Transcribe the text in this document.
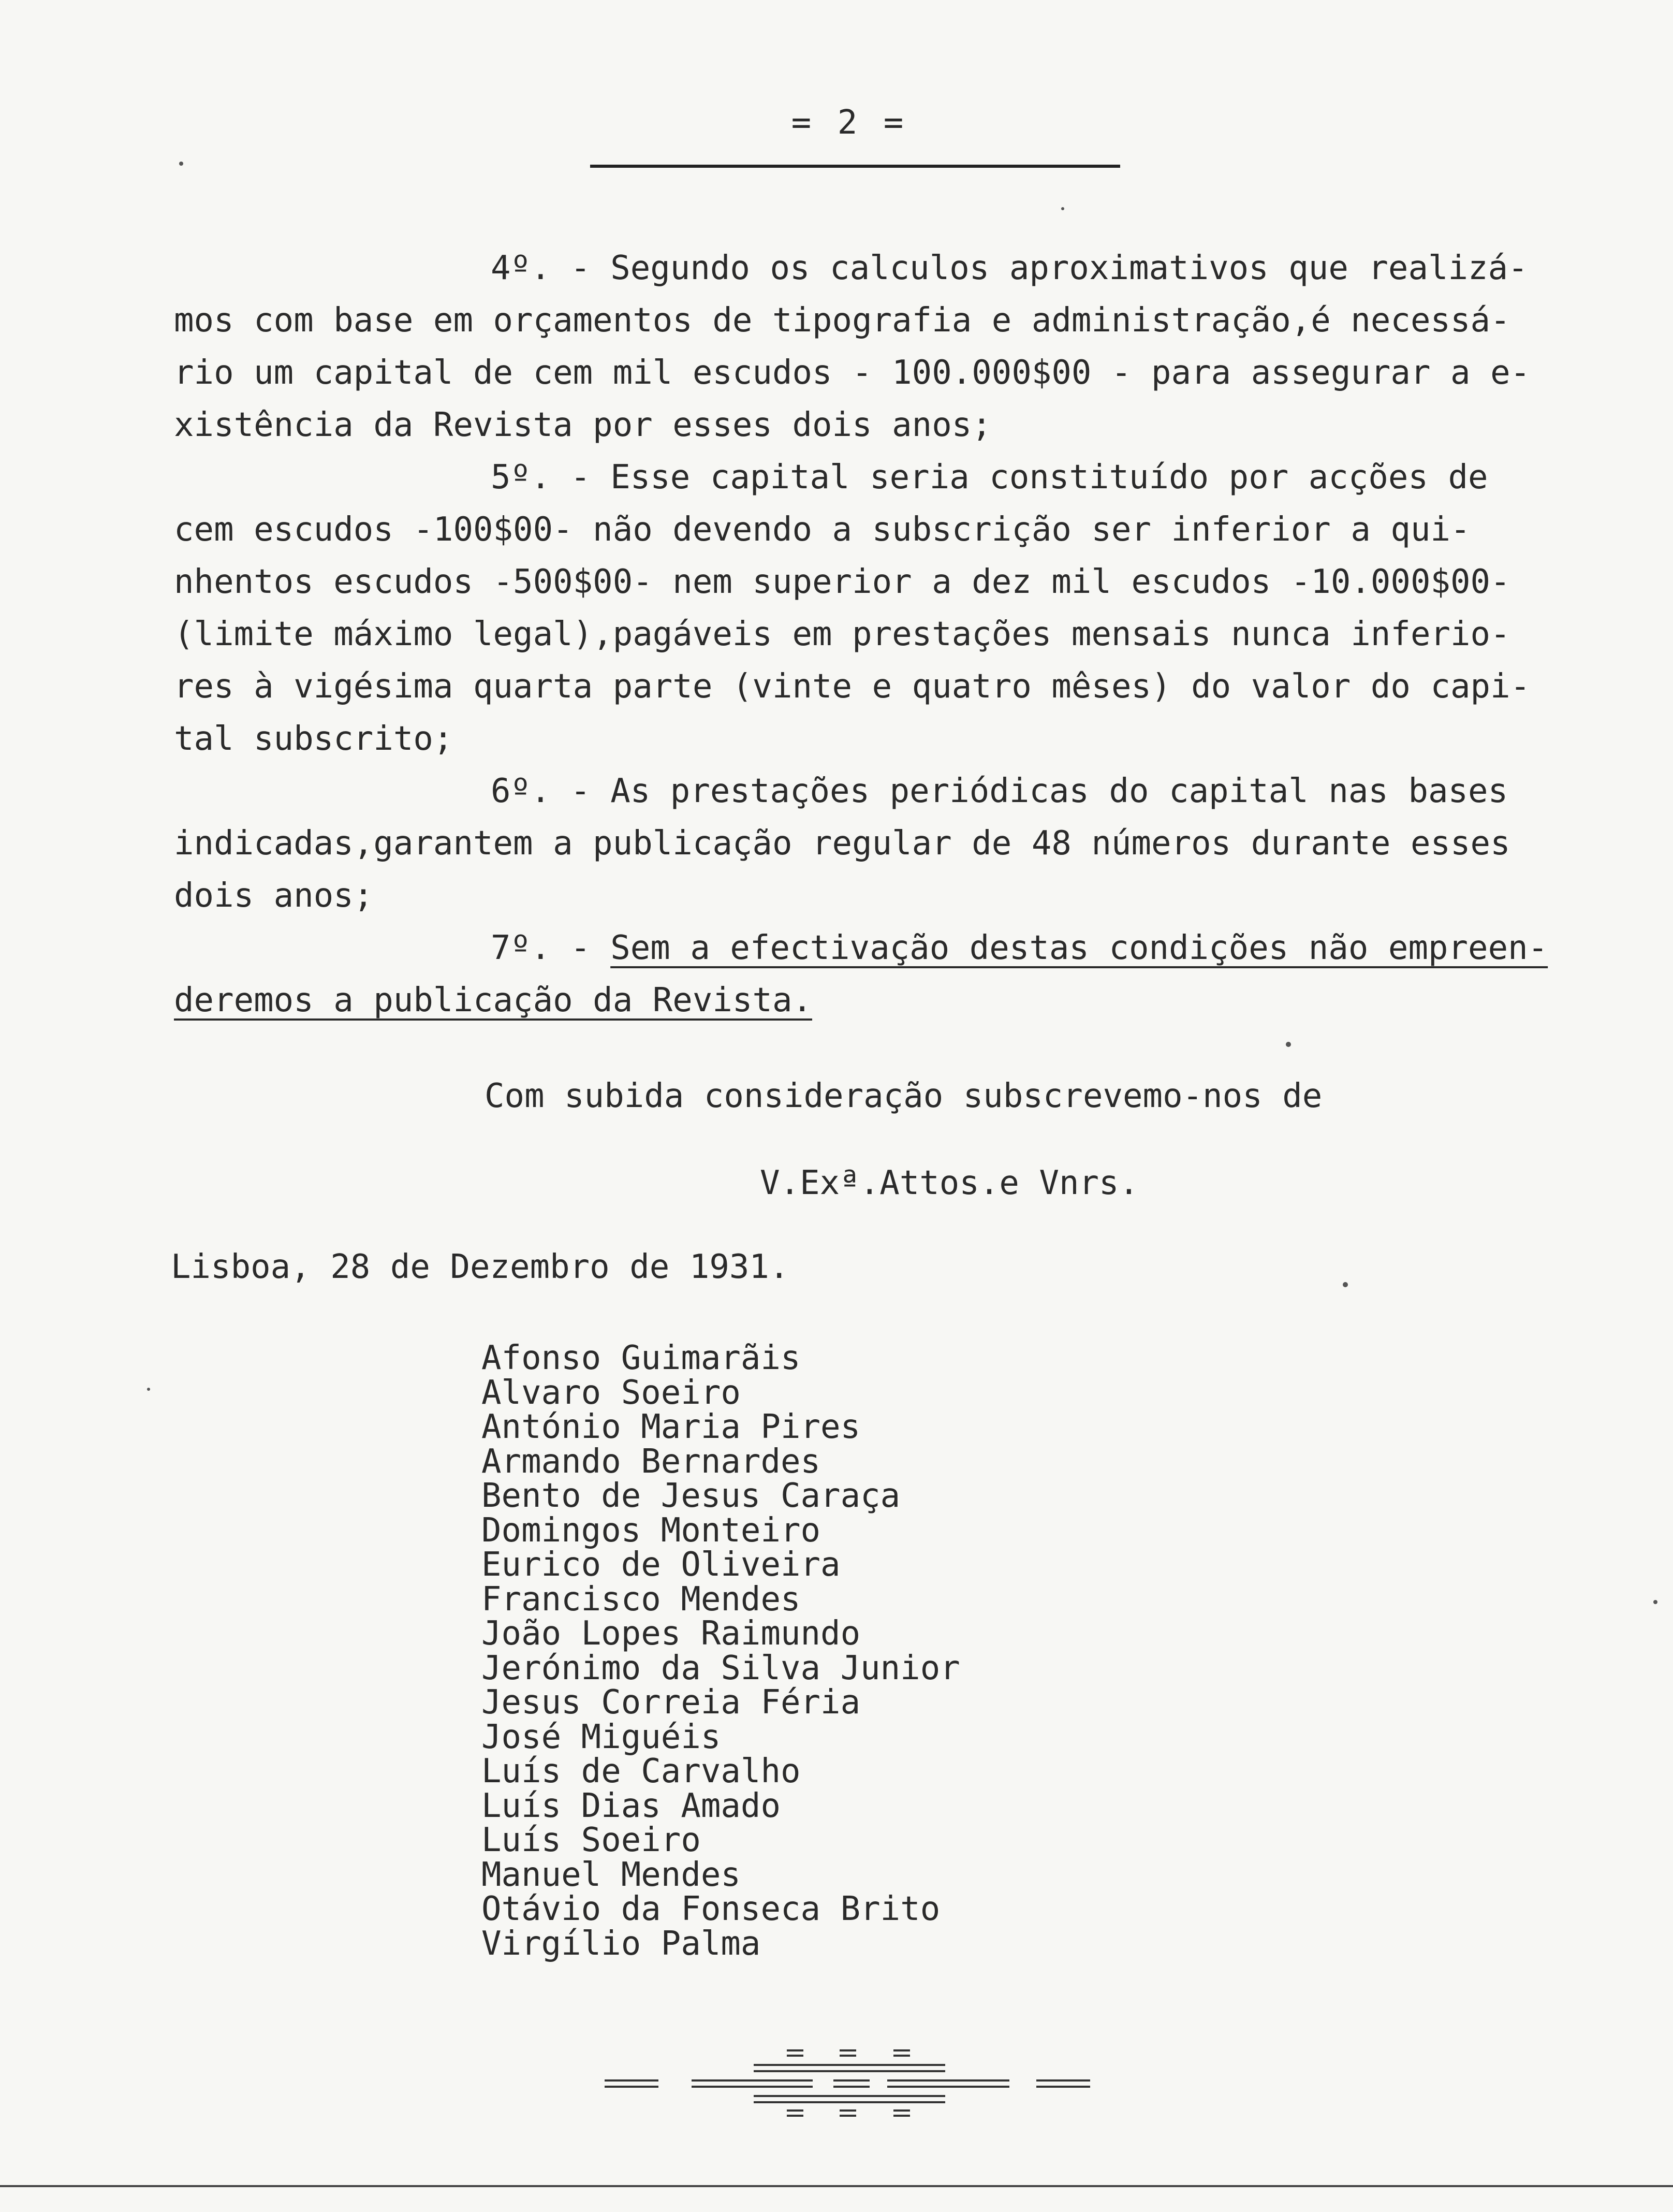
= 2 =
4º. - Segundo os calculos aproximativos que realizá-
mos com base em orçamentos de tipografia e administração,é necessá-
rio um capital de cem mil escudos - 100.000$00 - para assegurar a e-
xistência da Revista por esses dois anos;
5º. - Esse capital seria constituído por acções de
cem escudos -100$00- não devendo a subscrição ser inferior a qui-
nhentos escudos -500$00- nem superior a dez mil escudos -10.000$00-
(limite máximo legal),pagáveis em prestações mensais nunca inferio-
res à vigésima quarta parte (vinte e quatro mêses) do valor do capi-
tal subscrito;
6º. - As prestações periódicas do capital nas bases
indicadas,garantem a publicação regular de 48 números durante esses
dois anos;
7º. - Sem a efectivação destas condições não empreen-
deremos a publicação da Revista.
Com subida consideração subscrevemo-nos de
V.Exª.Attos.e Vnrs.
Lisboa, 28 de Dezembro de 1931.
Afonso Guimarãis
Alvaro Soeiro
António Maria Pires
Armando Bernardes
Bento de Jesus Caraça
Domingos Monteiro
Eurico de Oliveira
Francisco Mendes
João Lopes Raimundo
Jerónimo da Silva Junior
Jesus Correia Féria
José Miguéis
Luís de Carvalho
Luís Dias Amado
Luís Soeiro
Manuel Mendes
Otávio da Fonseca Brito
Virgílio Palma
